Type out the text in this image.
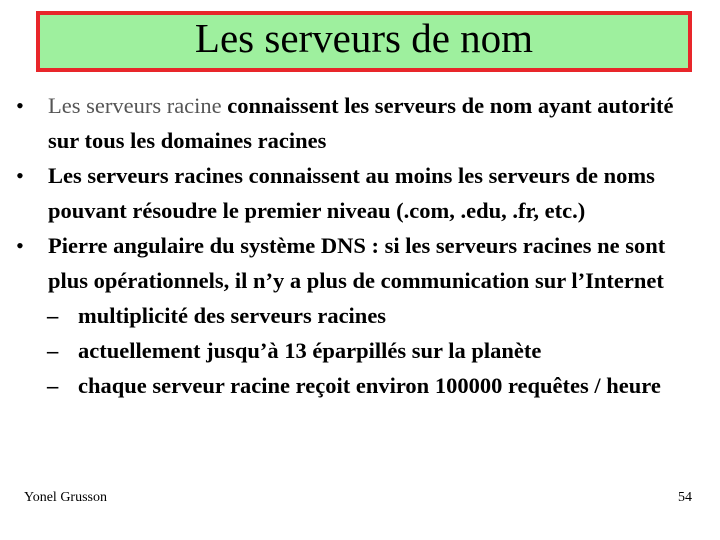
Les serveurs de nom
• Les serveurs racine connaissent les serveurs de nom ayant autorité sur tous les domaines racines
• Les serveurs racines connaissent au moins les serveurs de noms pouvant résoudre le premier niveau (.com, .edu, .fr, etc.)
• Pierre angulaire du système DNS : si les serveurs racines ne sont plus opérationnels, il n’y a plus de communication sur l’Internet
– multiplicité des serveurs racines
– actuellement jusqu’à 13 éparpillés sur la planète
– chaque serveur racine reçoit environ 100000 requêtes / heure
Yonel Grusson	54
